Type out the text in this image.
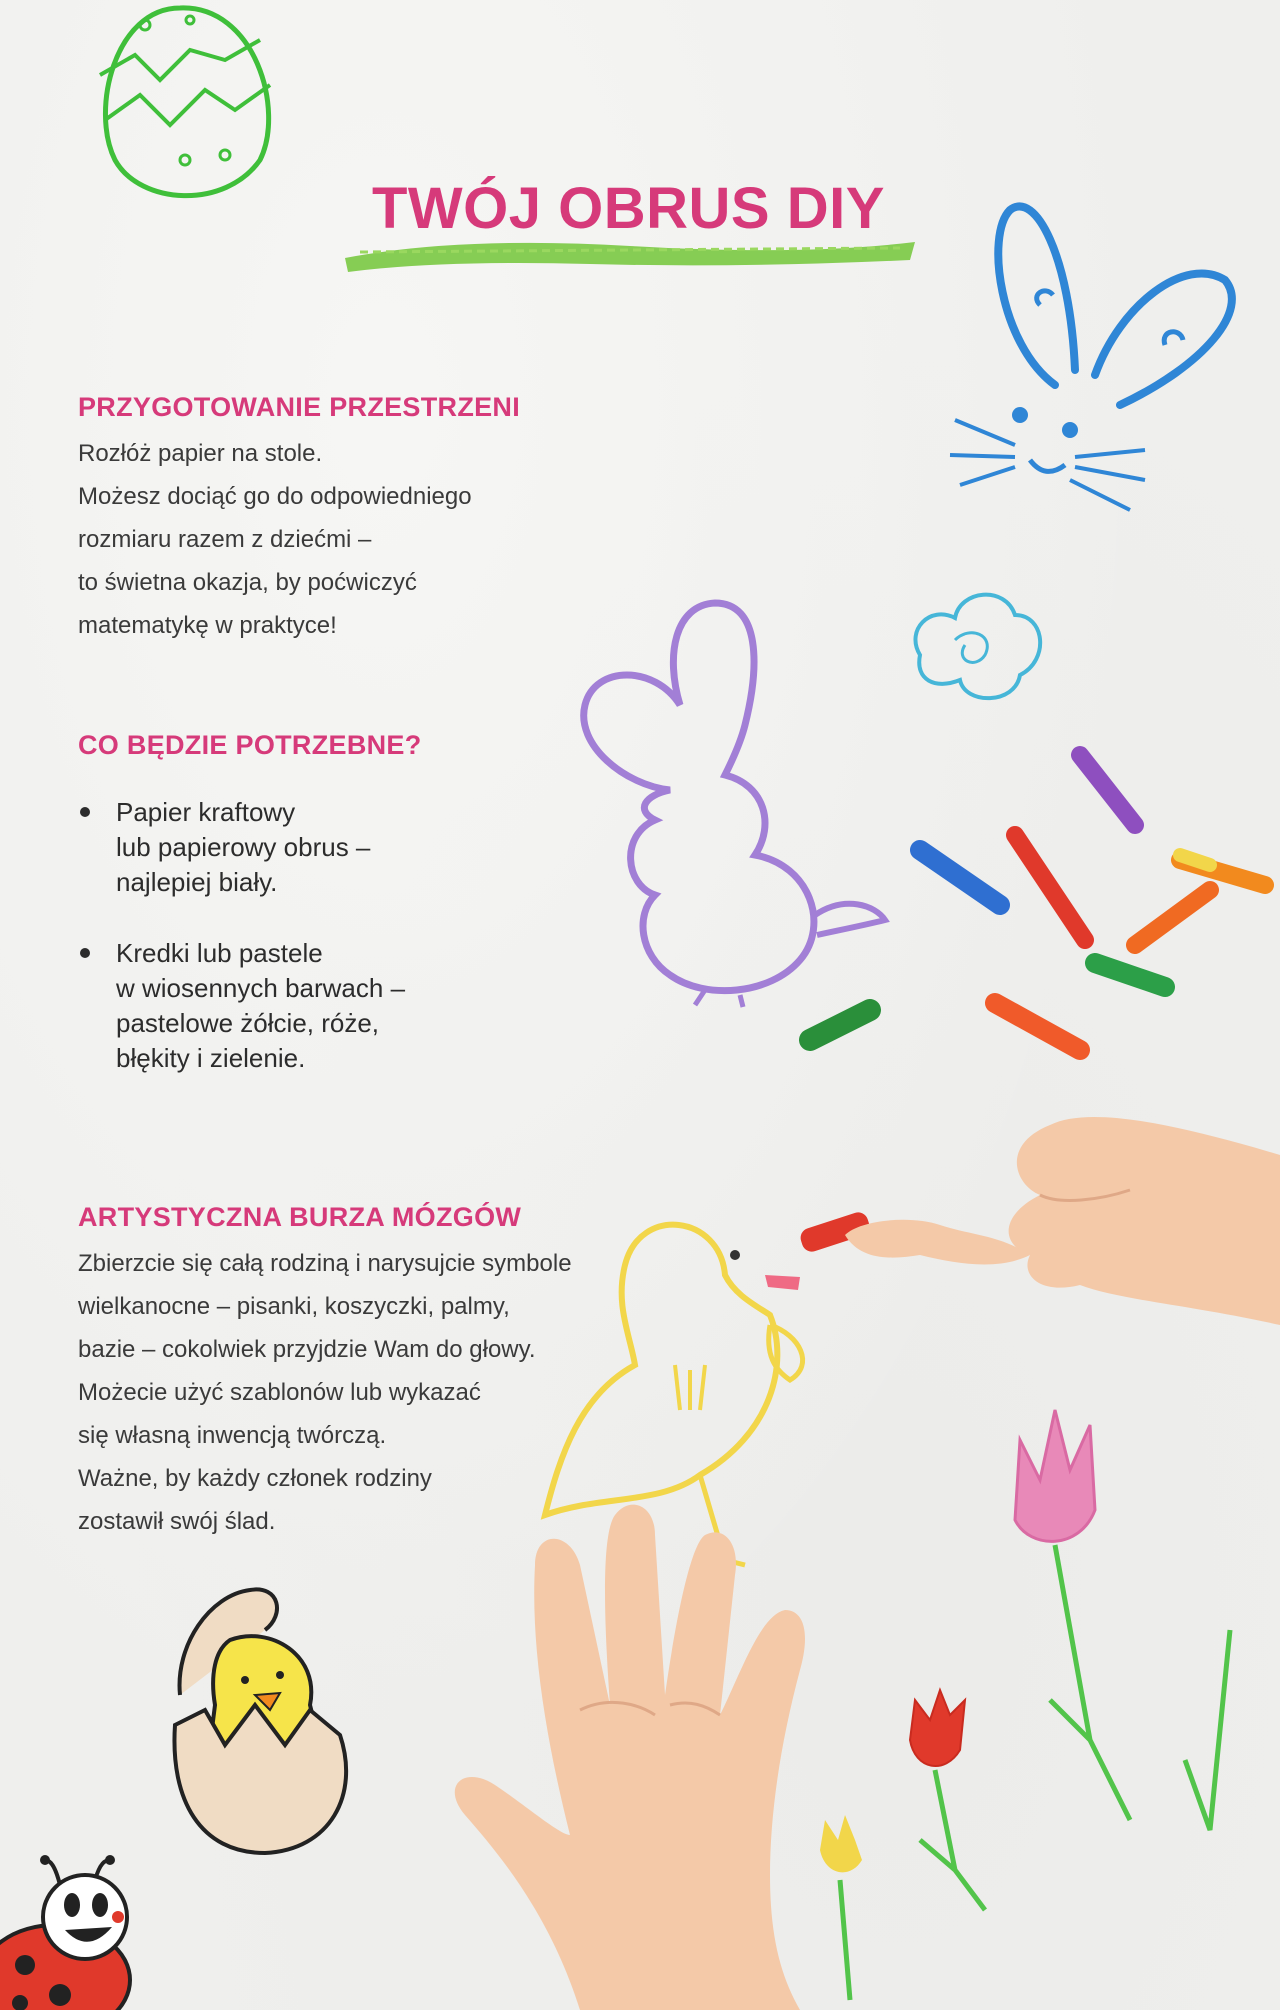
TWÓJ OBRUS DIY
PRZYGOTOWANIE PRZESTRZENI
Rozłóż papier na stole.
Możesz dociąć go do odpowiedniego
rozmiaru razem z dziećmi –
to świetna okazja, by poćwiczyć
matematykę w praktyce!
CO BĘDZIE POTRZEBNE?
Papier kraftowy
lub papierowy obrus –
najlepiej biały.
Kredki lub pastele
w wiosennych barwach –
pastelowe żółcie, róże,
błękity i zielenie.
ARTYSTYCZNA BURZA MÓZGÓW
Zbierzcie się całą rodziną i narysujcie symbole
wielkanocne – pisanki, koszyczki, palmy,
bazie – cokolwiek przyjdzie Wam do głowy.
Możecie użyć szablonów lub wykazać
się własną inwencją twórczą.
Ważne, by każdy członek rodziny
zostawił swój ślad.
